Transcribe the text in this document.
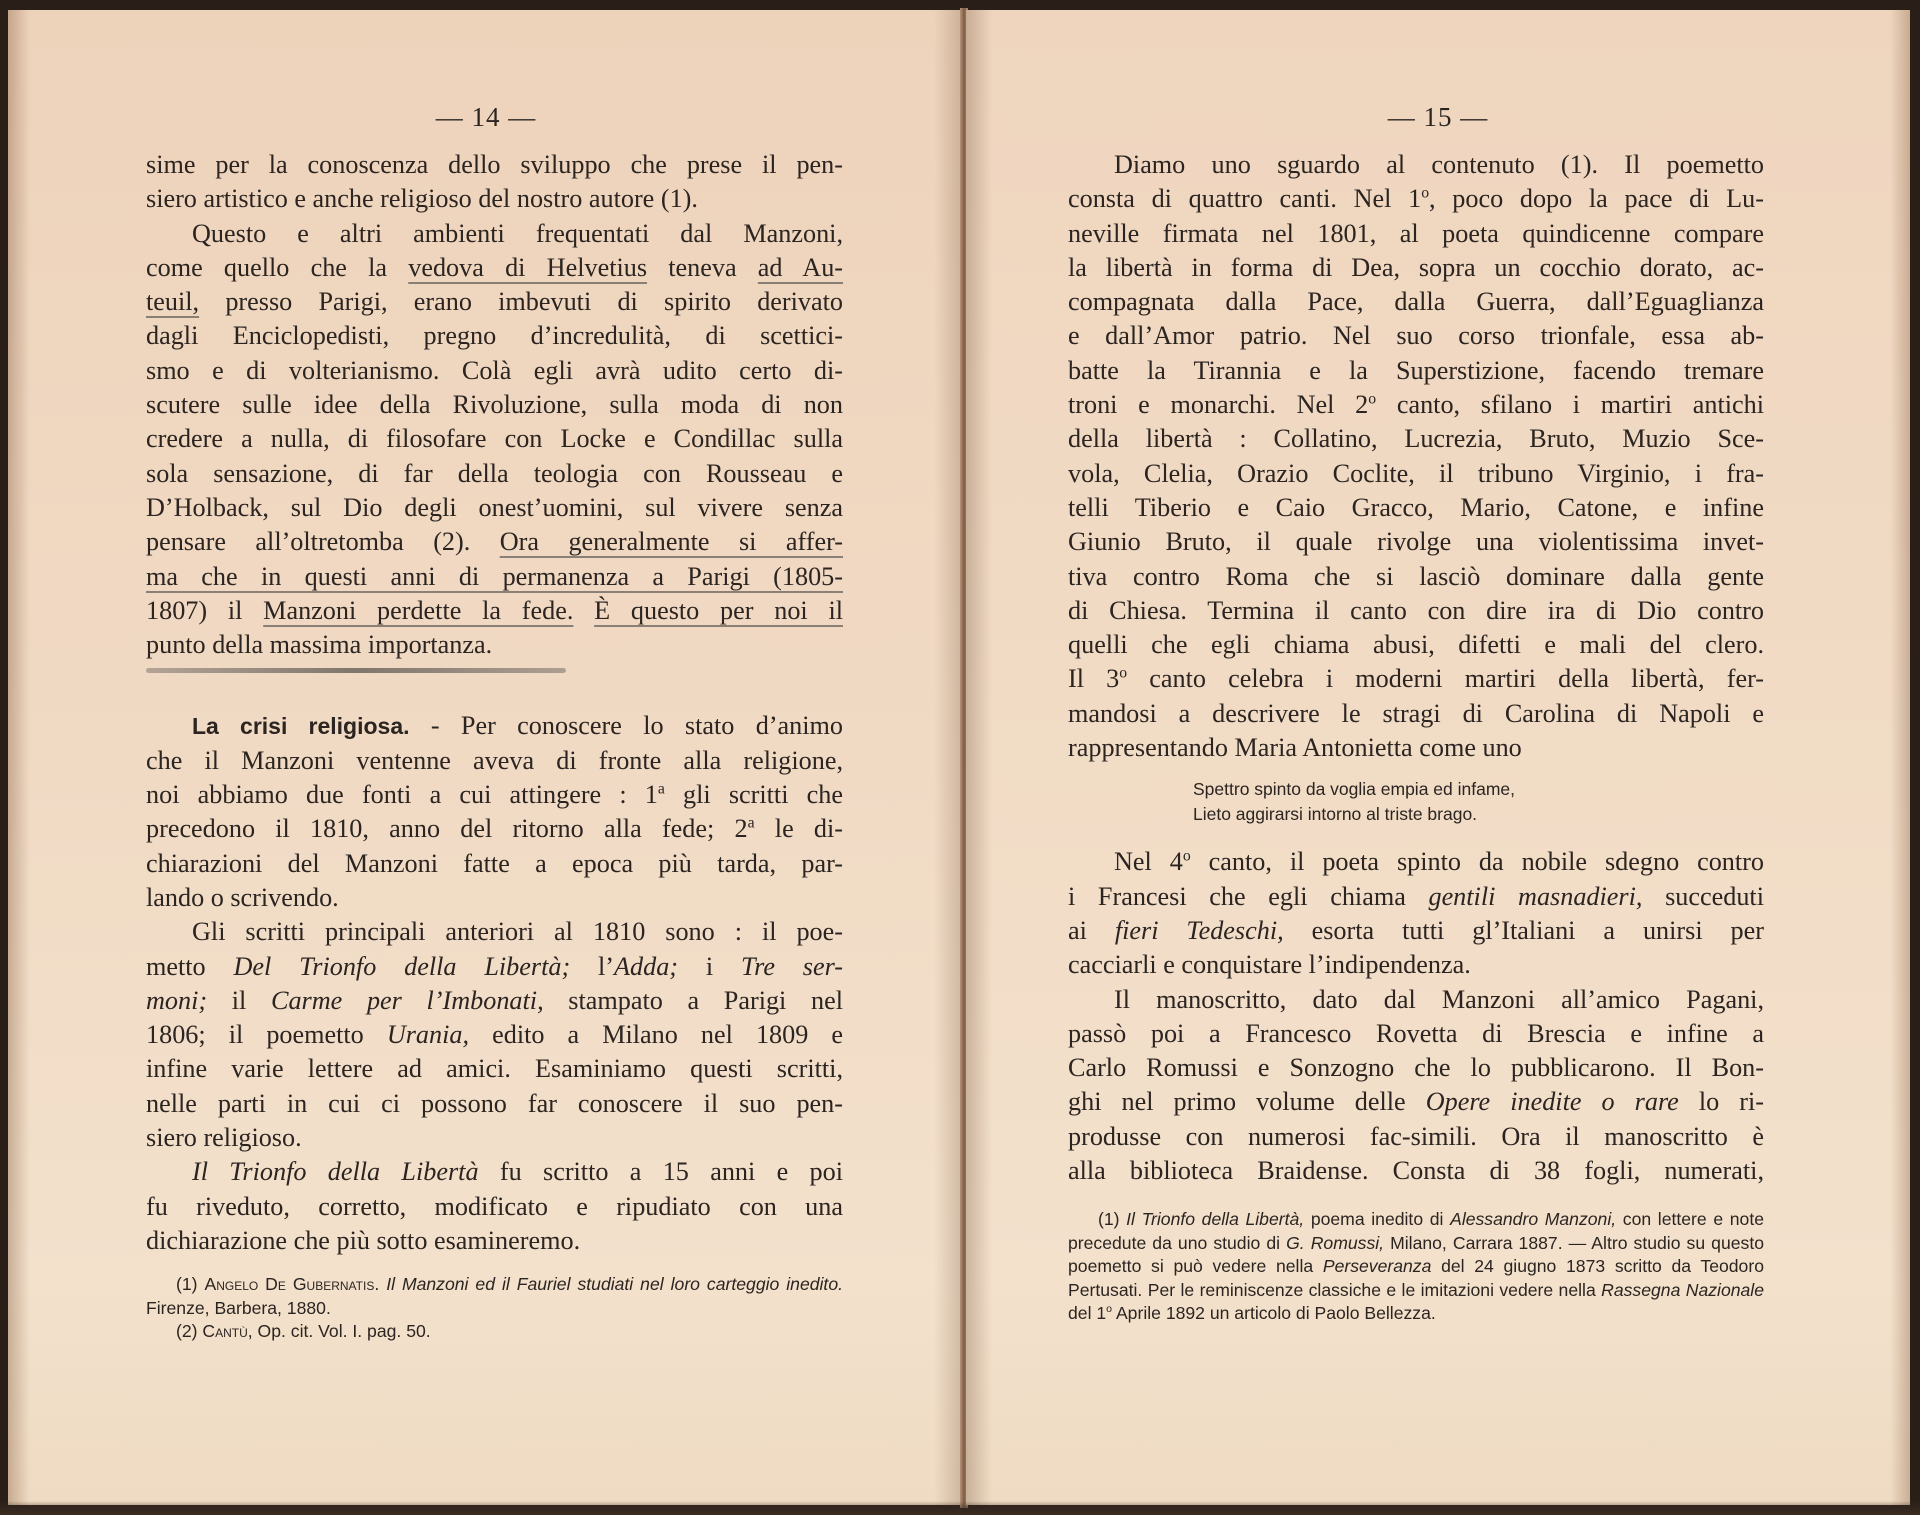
— 14 —

sime per la conoscenza dello sviluppo che prese il pen-
siero artistico e anche religioso del nostro autore (1).

Questo e altri ambienti frequentati dal Manzoni,
come quello che la vedova di Helvetius teneva ad Au-
teuil, presso Parigi, erano imbevuti di spirito derivato
dagli Enciclopedisti, pregno d’incredulità, di scettici-
smo e di volterianismo. Colà egli avrà udito certo di-
scutere sulle idee della Rivoluzione, sulla moda di non
credere a nulla, di filosofare con Locke e Condillac sulla
sola sensazione, di far della teologia con Rousseau e
D’Holback, sul Dio degli onest’uomini, sul vivere senza
pensare all’oltretomba (2). Ora generalmente si affer-
ma che in questi anni di permanenza a Parigi (1805-
1807) il Manzoni perdette la fede. È questo per noi il
punto della massima importanza.

La crisi religiosa. - Per conoscere lo stato d’animo
che il Manzoni ventenne aveva di fronte alla religione,
noi abbiamo due fonti a cui attingere : 1$^a$ gli scritti che
precedono il 1810, anno del ritorno alla fede; 2$^a$ le di-
chiarazioni del Manzoni fatte a epoca più tarda, par-
lando o scrivendo.

Gli scritti principali anteriori al 1810 sono : il poe-
metto Del Trionfo della Libertà; l’Adda; i Tre ser-
moni; il Carme per l’Imbonati, stampato a Parigi nel
1806; il poemetto Urania, edito a Milano nel 1809 e
infine varie lettere ad amici. Esaminiamo questi scritti,
nelle parti in cui ci possono far conoscere il suo pen-
siero religioso.

Il Trionfo della Libertà fu scritto a 15 anni e poi
fu riveduto, corretto, modificato e ripudiato con una
dichiarazione che più sotto esamineremo.

(1) Angelo De Gubernatis. Il Manzoni ed il Fauriel studiati nel loro carteggio inedito. Firenze, Barbera, 1880.
(2) Cantù, Op. cit. Vol. I. pag. 50.
— 15 —

Diamo uno sguardo al contenuto (1). Il poemetto
consta di quattro canti. Nel 1$^o$, poco dopo la pace di Lu-
neville firmata nel 1801, al poeta quindicenne compare
la libertà in forma di Dea, sopra un cocchio dorato, ac-
compagnata dalla Pace, dalla Guerra, dall’Eguaglianza
e dall’Amor patrio. Nel suo corso trionfale, essa ab-
batte la Tirannia e la Superstizione, facendo tremare
troni e monarchi. Nel 2$^o$ canto, sfilano i martiri antichi
della libertà : Collatino, Lucrezia, Bruto, Muzio Sce-
vola, Clelia, Orazio Coclite, il tribuno Virginio, i fra-
telli Tiberio e Caio Gracco, Mario, Catone, e infine
Giunio Bruto, il quale rivolge una violentissima invet-
tiva contro Roma che si lasciò dominare dalla gente
di Chiesa. Termina il canto con dire ira di Dio contro
quelli che egli chiama abusi, difetti e mali del clero.
Il 3$^o$ canto celebra i moderni martiri della libertà, fer-
mandosi a descrivere le stragi di Carolina di Napoli e
rappresentando Maria Antonietta come uno

Spettro spinto da voglia empia ed infame,
Lieto aggirarsi intorno al triste brago.

Nel 4$^o$ canto, il poeta spinto da nobile sdegno contro
i Francesi che egli chiama gentili masnadieri, succeduti
ai fieri Tedeschi, esorta tutti gl’Italiani a unirsi per
cacciarli e conquistare l’indipendenza.

Il manoscritto, dato dal Manzoni all’amico Pagani,
passò poi a Francesco Rovetta di Brescia e infine a
Carlo Romussi e Sonzogno che lo pubblicarono. Il Bon-
ghi nel primo volume delle Opere inedite o rare lo ri-
produsse con numerosi fac-simili. Ora il manoscritto è
alla biblioteca Braidense. Consta di 38 fogli, numerati,

(1) Il Trionfo della Libertà, poema inedito di Alessandro Manzoni, con lettere e note precedute da uno studio di G. Romussi, Milano, Carrara 1887. — Altro studio su questo poemetto si può vedere nella Perseveranza del 24 giugno 1873 scritto da Teodoro Pertusati. Per le reminiscenze classiche e le imitazioni vedere nella Rassegna Nazionale del 1$^o$ Aprile 1892 un articolo di Paolo Bellezza.
